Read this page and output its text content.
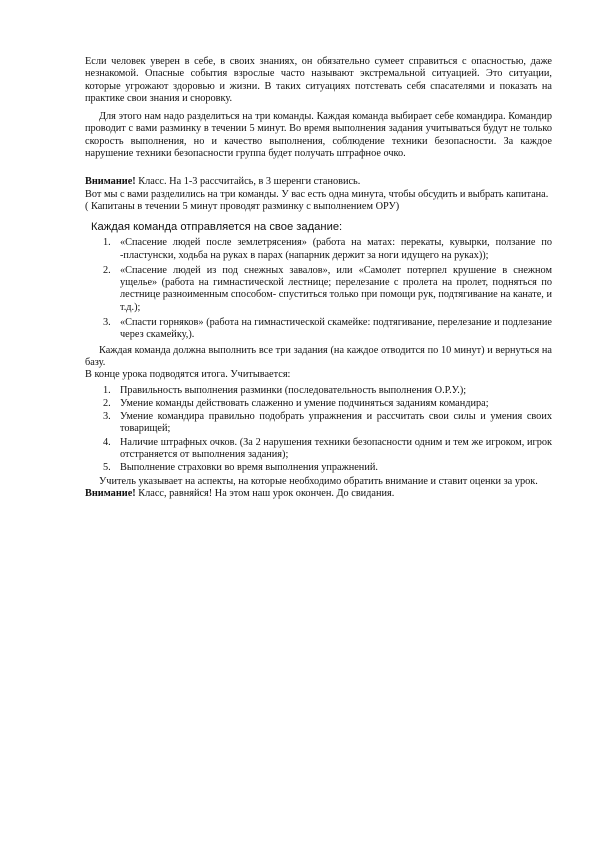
Если человек уверен в себе, в своих знаниях, он обязательно сумеет справиться с опасностью, даже незнакомой. Опасные события взрослые часто называют экстремальной ситуацией. Это ситуации, которые угрожают здоровью и жизни. В таких ситуациях потстевать себя спасателями и показать на практике свои знания и сноровку.

Для этого нам надо разделиться на три команды. Каждая команда выбирает себе командира. Командир проводит с вами разминку в течении 5 минут. Во время выполнения задания учитываться будут не только скорость выполнения, но и качество выполнения, соблюдение техники безопасности. За каждое нарушение техники безопасности группа будет получать штрафное очко.

Внимание! Класс. На 1-3 рассчитайсь, в 3 шеренги становись.

Вот мы с вами разделились на три команды. У вас есть одна минута, чтобы обсудить и выбрать капитана.

( Капитаны в течении 5 минут проводят разминку с выполнением ОРУ)

Каждая команда отправляется на свое задание:
1. «Спасение людей после землетрясения» (работа на матах: перекаты, кувырки, ползание по -пластунски, ходьба на руках в парах (напарник держит за ноги идущего на руках));
2. «Спасение людей из под снежных завалов», или «Самолет потерпел крушение в снежном ущелье» (работа на гимнастической лестнице; перелезание с пролета на пролет, подняться по лестнице разноименным способом- спуститься только при помощи рук, подтягивание на канате, и т.д.);
3. «Спасти горняков» (работа на гимнастической скамейке: подтягивание, перелезание и подлезание через скамейку,).

Каждая команда должна выполнить все три задания (на каждое отводится по 10 минут) и вернуться на базу.

В конце урока подводятся итога. Учитывается:

1. Правильность выполнения разминки (последовательность выполнения О.Р.У.);
2. Умение команды действовать слаженно и умение подчиняться заданиям командира;
3. Умение командира правильно подобрать упражнения и рассчитать свои силы и умения своих товарищей;
4. Наличие штрафных очков. (За 2 нарушения техники безопасности одним и тем же игроком, игрок отстраняется от выполнения задания);
5. Выполнение страховки во время выполнения упражнений.

Учитель указывает на аспекты, на которые необходимо обратить внимание и ставит оценки за урок.

Внимание! Класс, равняйся! На этом наш урок окончен. До свидания.
